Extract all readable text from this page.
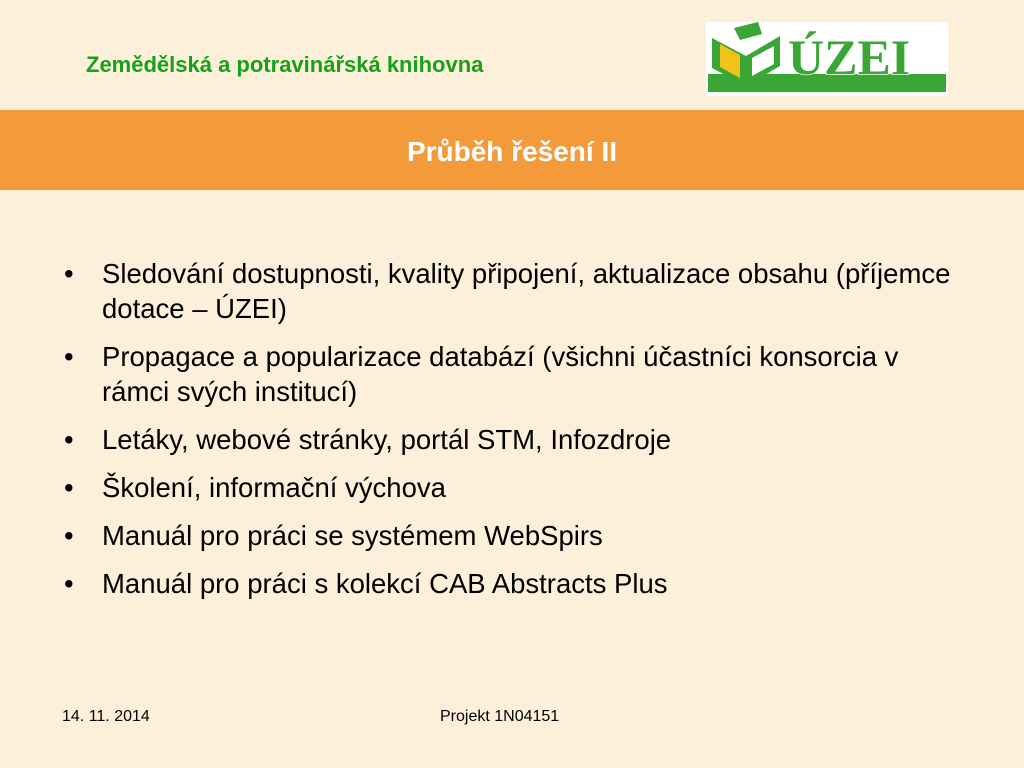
Zemědělská a potravinářská knihovna	ÚZEI
Průběh řešení II
• Sledování dostupnosti, kvality připojení, aktualizace obsahu (příjemce dotace – ÚZEI)
• Propagace a popularizace databází (všichni účastníci konsorcia v rámci svých institucí)
• Letáky, webové stránky, portál STM, Infozdroje
• Školení, informační výchova
• Manuál pro práci se systémem WebSpirs
• Manuál pro práci s kolekcí CAB Abstracts Plus
14. 11. 2014	Projekt 1N04151
